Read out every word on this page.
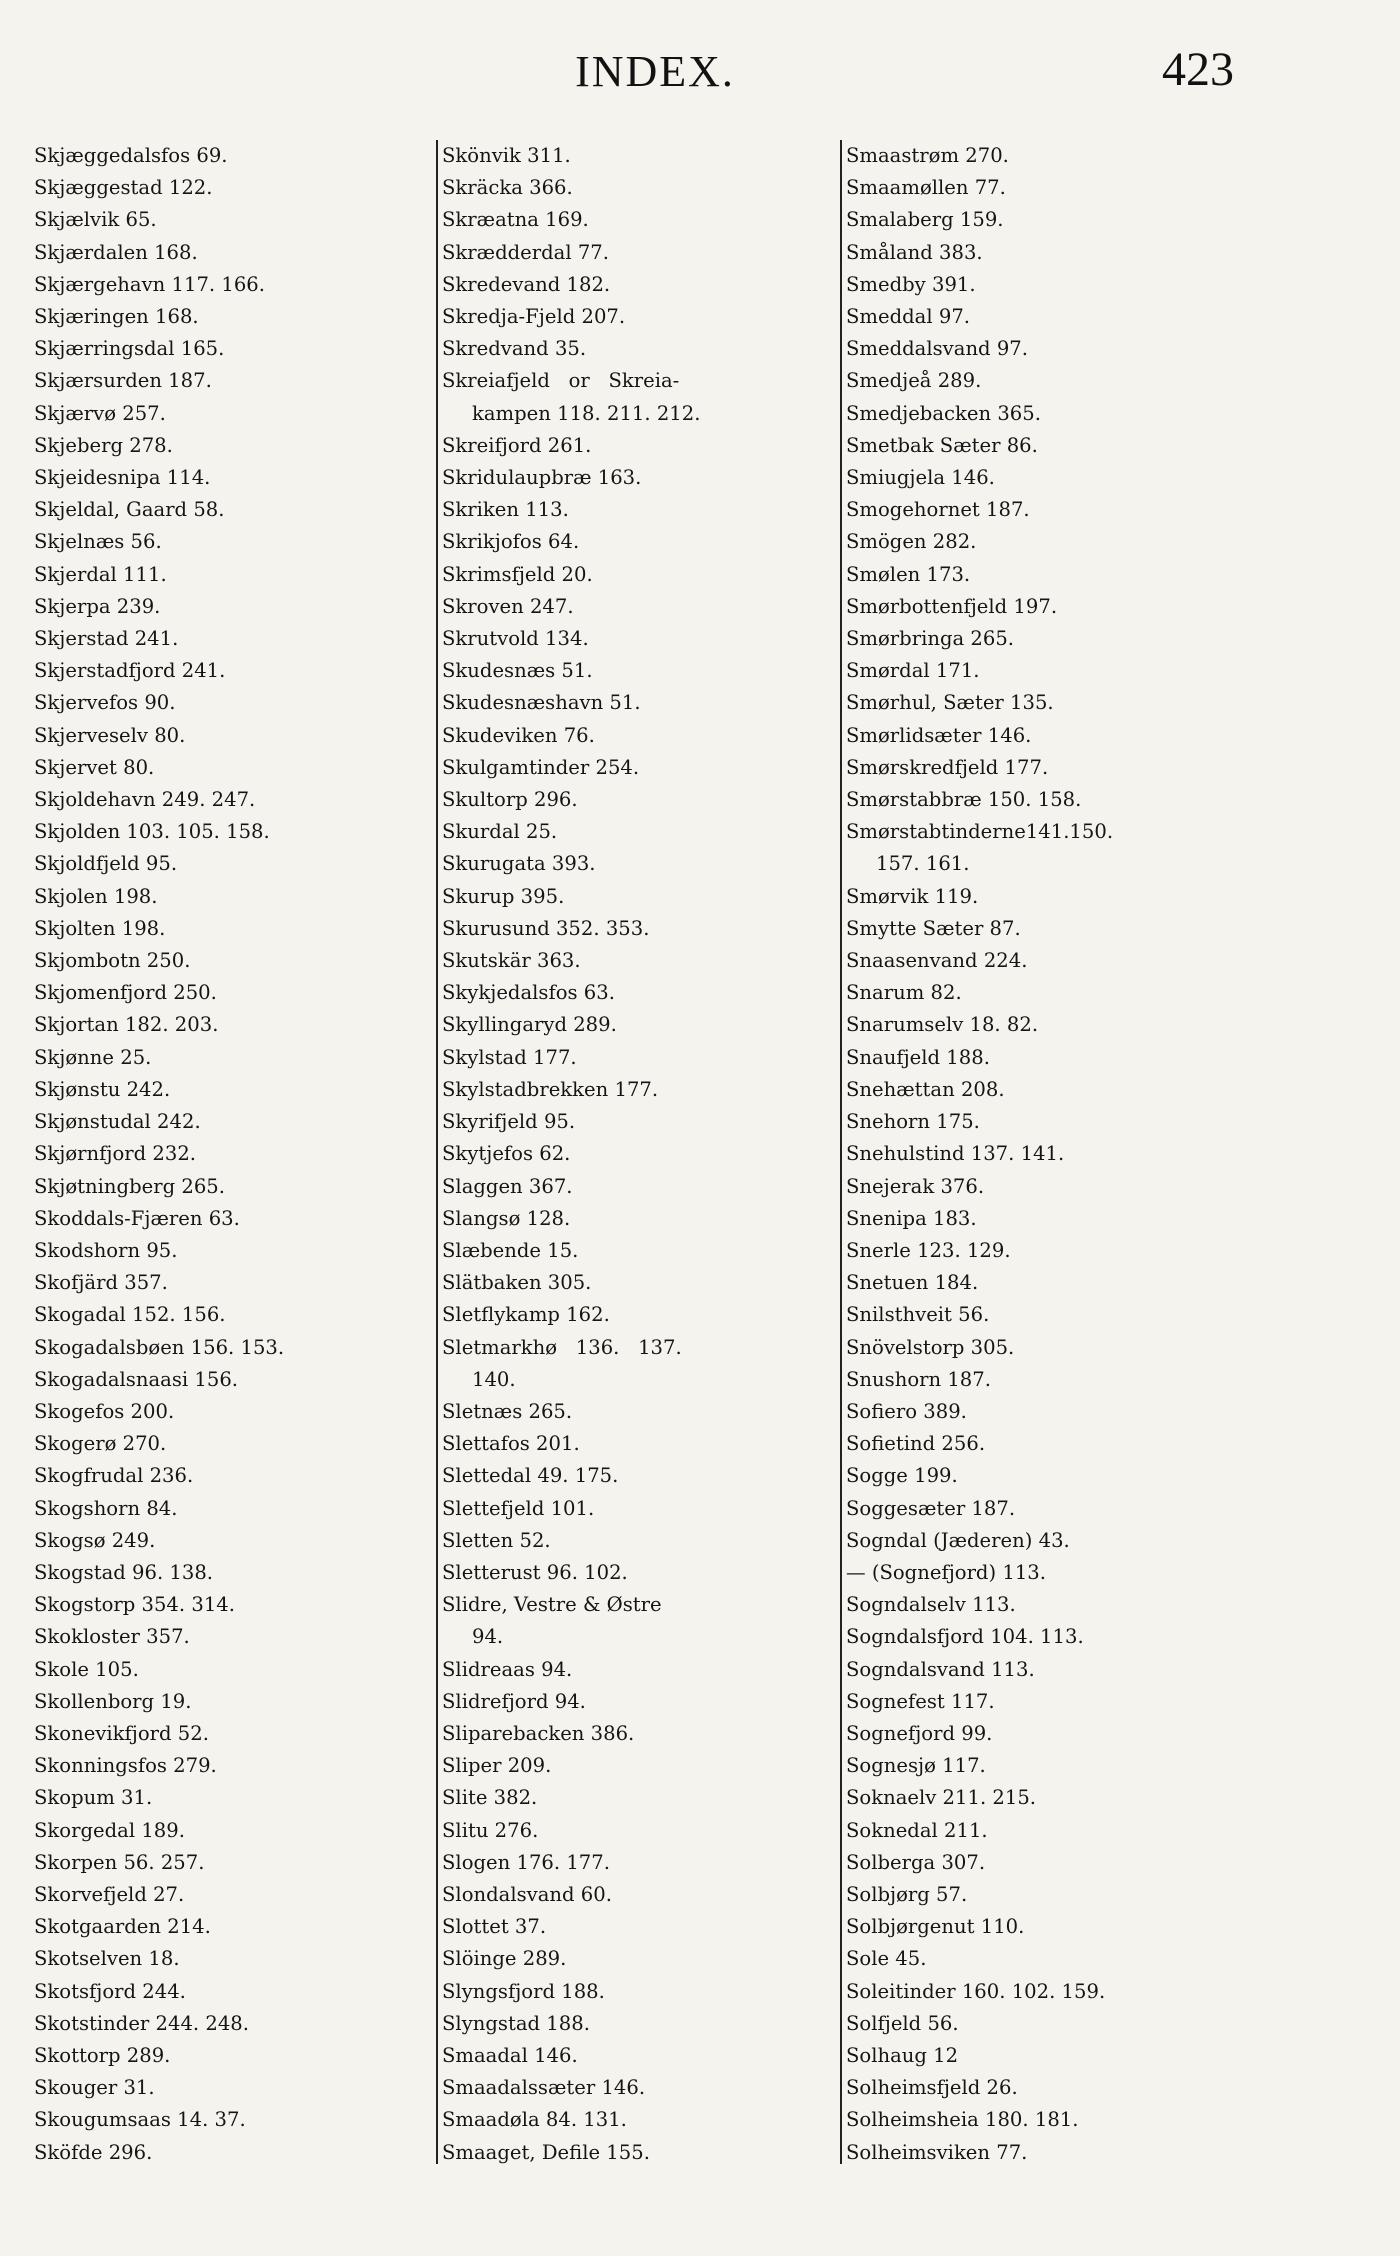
INDEX.	423
Skjæggedalsfos 69.
Skjæggestad 122.
Skjælvik 65.
Skjærdalen 168.
Skjærgehavn 117. 166.
Skjæringen 168.
Skjærringsdal 165.
Skjærsurden 187.
Skjærvø 257.
Skjeberg 278.
Skjeidesnipa 114.
Skjeldal, Gaard 58.
Skjelnæs 56.
Skjerdal 111.
Skjerpa 239.
Skjerstad 241.
Skjerstadfjord 241.
Skjervefos 90.
Skjerveselv 80.
Skjervet 80.
Skjoldehavn 249. 247.
Skjolden 103. 105. 158.
Skjoldfjeld 95.
Skjolen 198.
Skjolten 198.
Skjombotn 250.
Skjomenfjord 250.
Skjortan 182. 203.
Skjønne 25.
Skjønstu 242.
Skjønstudal 242.
Skjørnfjord 232.
Skjøtningberg 265.
Skoddals-Fjæren 63.
Skodshorn 95.
Skofjärd 357.
Skogadal 152. 156.
Skogadalsbøen 156. 153.
Skogadalsnaasi 156.
Skogefos 200.
Skogerø 270.
Skogfrudal 236.
Skogshorn 84.
Skogsø 249.
Skogstad 96. 138.
Skogstorp 354. 314.
Skokloster 357.
Skole 105.
Skollenborg 19.
Skonevikfjord 52.
Skonningsfos 279.
Skopum 31.
Skorgedal 189.
Skorpen 56. 257.
Skorvefjeld 27.
Skotgaarden 214.
Skotselven 18.
Skotsfjord 244.
Skotstinder 244. 248.
Skottorp 289.
Skouger 31.
Skougumsaas 14. 37.
Sköfde 296.
Skönvik 311.
Skräcka 366.
Skræatna 169.
Skrædderdal 77.
Skredevand 182.
Skredja-Fjeld 207.
Skredvand 35.
Skreiafjeld   or   Skreia-
kampen 118. 211. 212.
Skreifjord 261.
Skridulaupbræ 163.
Skriken 113.
Skrikjofos 64.
Skrimsfjeld 20.
Skroven 247.
Skrutvold 134.
Skudesnæs 51.
Skudesnæshavn 51.
Skudeviken 76.
Skulgamtinder 254.
Skultorp 296.
Skurdal 25.
Skurugata 393.
Skurup 395.
Skurusund 352. 353.
Skutskär 363.
Skykjedalsfos 63.
Skyllingaryd 289.
Skylstad 177.
Skylstadbrekken 177.
Skyrifjeld 95.
Skytjefos 62.
Slaggen 367.
Slangsø 128.
Slæbende 15.
Slätbaken 305.
Sletflykamp 162.
Sletmarkhø   136.   137.
140.
Sletnæs 265.
Slettafos 201.
Slettedal 49. 175.
Slettefjeld 101.
Sletten 52.
Sletterust 96. 102.
Slidre, Vestre & Østre
94.
Slidreaas 94.
Slidrefjord 94.
Sliparebacken 386.
Sliper 209.
Slite 382.
Slitu 276.
Slogen 176. 177.
Slondalsvand 60.
Slottet 37.
Slöinge 289.
Slyngsfjord 188.
Slyngstad 188.
Smaadal 146.
Smaadalssæter 146.
Smaadøla 84. 131.
Smaaget, Defile 155.
Smaastrøm 270.
Smaamøllen 77.
Smalaberg 159.
Småland 383.
Smedby 391.
Smeddal 97.
Smeddalsvand 97.
Smedjeå 289.
Smedjebacken 365.
Smetbak Sæter 86.
Smiugjela 146.
Smogehornet 187.
Smögen 282.
Smølen 173.
Smørbottenfjeld 197.
Smørbringa 265.
Smørdal 171.
Smørhul, Sæter 135.
Smørlidsæter 146.
Smørskredfjeld 177.
Smørstabbræ 150. 158.
Smørstabtinderne141.150.
157. 161.
Smørvik 119.
Smytte Sæter 87.
Snaasenvand 224.
Snarum 82.
Snarumselv 18. 82.
Snaufjeld 188.
Snehættan 208.
Snehorn 175.
Snehulstind 137. 141.
Snejerak 376.
Snenipa 183.
Snerle 123. 129.
Snetuen 184.
Snilsthveit 56.
Snövelstorp 305.
Snushorn 187.
Sofiero 389.
Sofietind 256.
Sogge 199.
Soggesæter 187.
Sogndal (Jæderen) 43.
— (Sognefjord) 113.
Sogndalselv 113.
Sogndalsfjord 104. 113.
Sogndalsvand 113.
Sognefest 117.
Sognefjord 99.
Sognesjø 117.
Soknaelv 211. 215.
Soknedal 211.
Solberga 307.
Solbjørg 57.
Solbjørgenut 110.
Sole 45.
Soleitinder 160. 102. 159.
Solfjeld 56.
Solhaug 12
Solheimsfjeld 26.
Solheimsheia 180. 181.
Solheimsviken 77.
